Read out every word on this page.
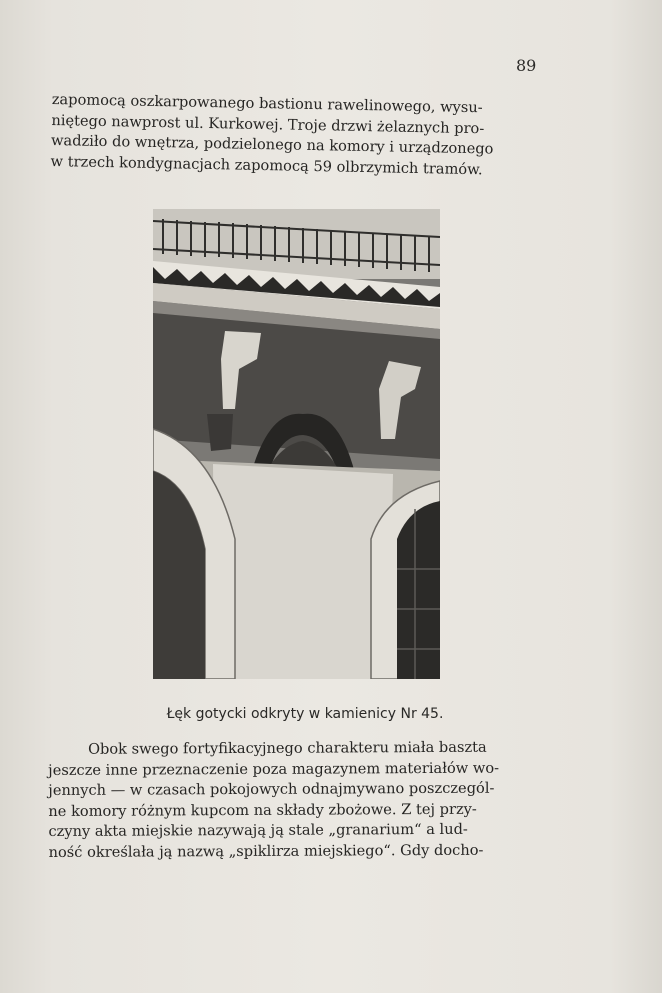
89

zapomocą oszkarpowanego bastionu rawelinowego, wysu-
niętego nawprost ul. Kurkowej. Troje drzwi żelaznych pro-
wadziło do wnętrza, podzielonego na komory i urządzonego
w trzech kondygnacjach zapomocą 59 olbrzymich tramów.

Łęk gotycki odkryty w kamienicy Nr 45.

Obok swego fortyfikacyjnego charakteru miała baszta
jeszcze inne przeznaczenie poza magazynem materiałów wo-
jennych — w czasach pokojowych odnajmywano poszczegól-
ne komory różnym kupcom na składy zbożowe. Z tej przy-
czyny akta miejskie nazywają ją stale „granarium“ a lud-
ność określała ją nazwą „spiklirza miejskiego“. Gdy docho-
